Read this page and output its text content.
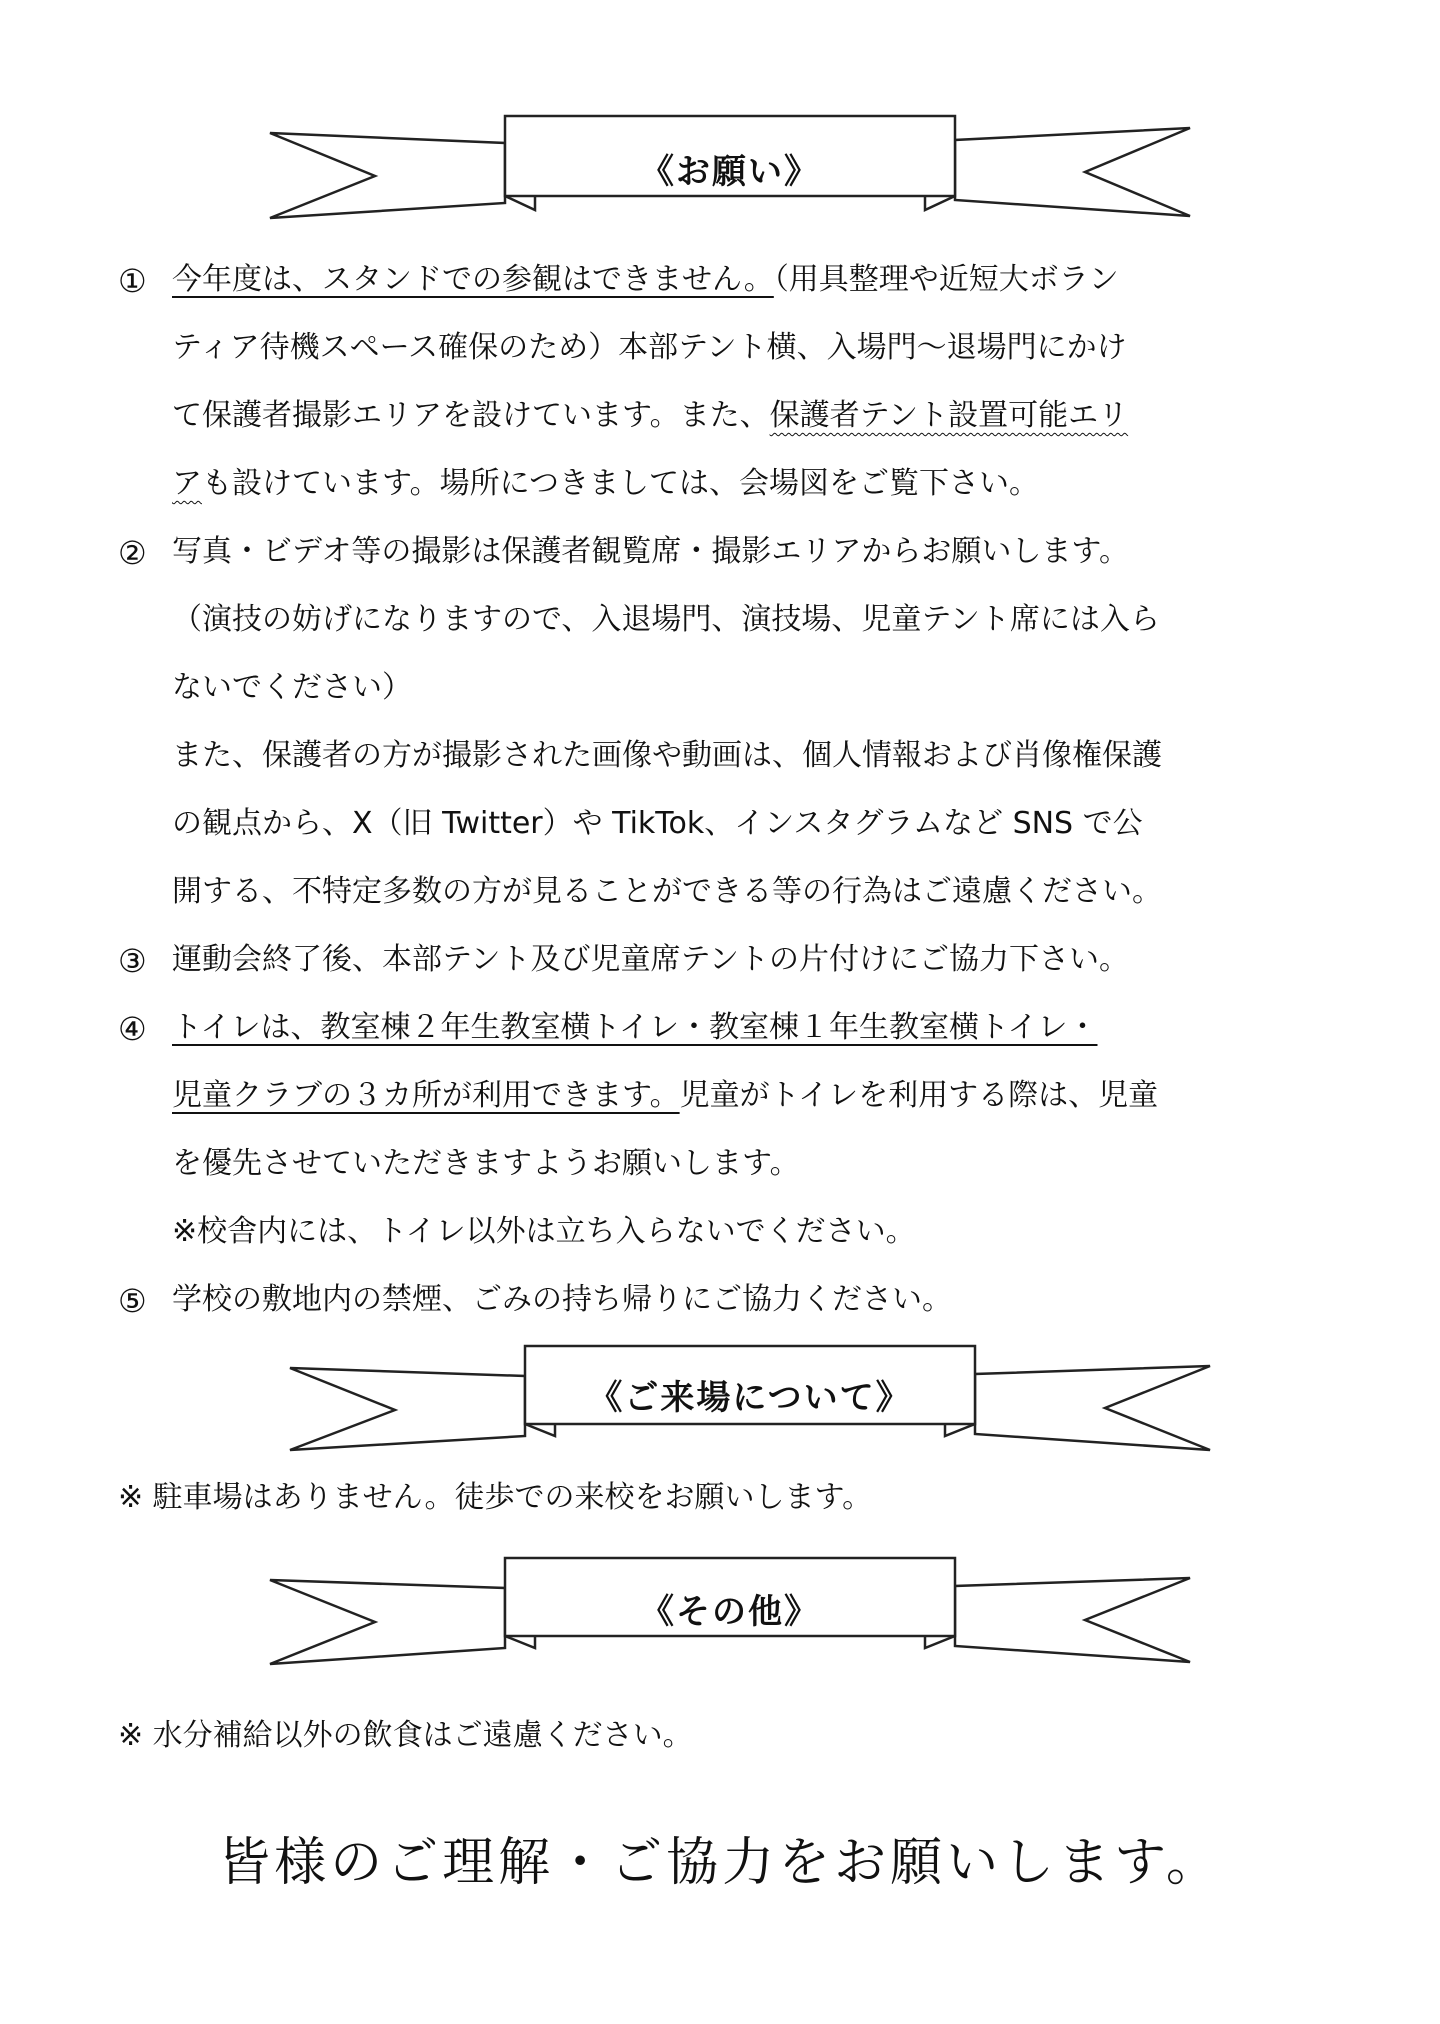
《お願い》
① 今年度は、スタンドでの参観はできません。（用具整理や近短大ボラン
ティア待機スペース確保のため）本部テント横、入場門～退場門にかけ
て保護者撮影エリアを設けています。また、保護者テント設置可能エリ
アも設けています。場所につきましては、会場図をご覧下さい。
② 写真・ビデオ等の撮影は保護者観覧席・撮影エリアからお願いします。
（演技の妨げになりますので、入退場門、演技場、児童テント席には入ら
ないでください）
また、保護者の方が撮影された画像や動画は、個人情報および肖像権保護
の観点から、X（旧 Twitter）や TikTok、インスタグラムなど SNS で公
開する、不特定多数の方が見ることができる等の行為はご遠慮ください。
③ 運動会終了後、本部テント及び児童席テントの片付けにご協力下さい。
④ トイレは、教室棟２年生教室横トイレ・教室棟１年生教室横トイレ・
児童クラブの３カ所が利用できます。児童がトイレを利用する際は、児童
を優先させていただきますようお願いします。
※校舎内には、トイレ以外は立ち入らないでください。
⑤ 学校の敷地内の禁煙、ごみの持ち帰りにご協力ください。
《ご来場について》
※ 駐車場はありません。徒歩での来校をお願いします。
《その他》
※ 水分補給以外の飲食はご遠慮ください。
皆様のご理解・ご協力をお願いします。
